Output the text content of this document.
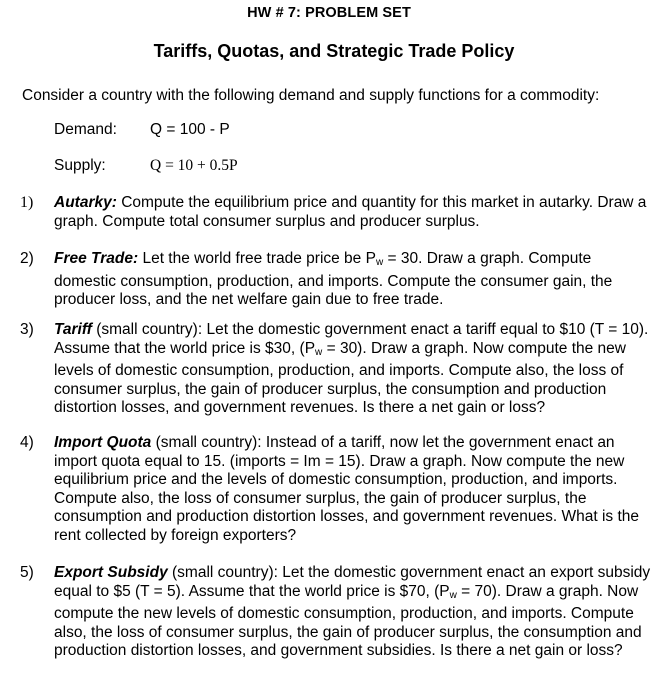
HW # 7: PROBLEM SET
Tariffs, Quotas, and Strategic Trade Policy
Consider a country with the following demand and supply functions for a commodity:
Demand: Q = 100 - P
Supply:	Q = 10 + 0.5P
1)	Autarky: Compute the equilibrium price and quantity for this market in autarky. Draw a graph. Compute total consumer surplus and producer surplus.
2)	Free Trade: Let the world free trade price be $P_w = 30$. Draw a graph. Compute domestic consumption, production, and imports. Compute the consumer gain, the producer loss, and the net welfare gain due to free trade.
3)	Tariff (small country): Let the domestic government enact a tariff equal to $10 (T = 10). Assume that the world price is $30, $(P_w = 30)$. Draw a graph. Now compute the new levels of domestic consumption, production, and imports. Compute also, the loss of consumer surplus, the gain of producer surplus, the consumption and production distortion losses, and government revenues. Is there a net gain or loss?
4)	Import Quota (small country): Instead of a tariff, now let the government enact an import quota equal to 15. (imports = Im = 15). Draw a graph. Now compute the new equilibrium price and the levels of domestic consumption, production, and imports. Compute also, the loss of consumer surplus, the gain of producer surplus, the consumption and production distortion losses, and government revenues. What is the rent collected by foreign exporters?
5)	Export Subsidy (small country): Let the domestic government enact an export subsidy equal to $5 (T = 5). Assume that the world price is $70, $(P_w = 70)$. Draw a graph. Now compute the new levels of domestic consumption, production, and imports. Compute also, the loss of consumer surplus, the gain of producer surplus, the consumption and production distortion losses, and government subsidies. Is there a net gain or loss?
